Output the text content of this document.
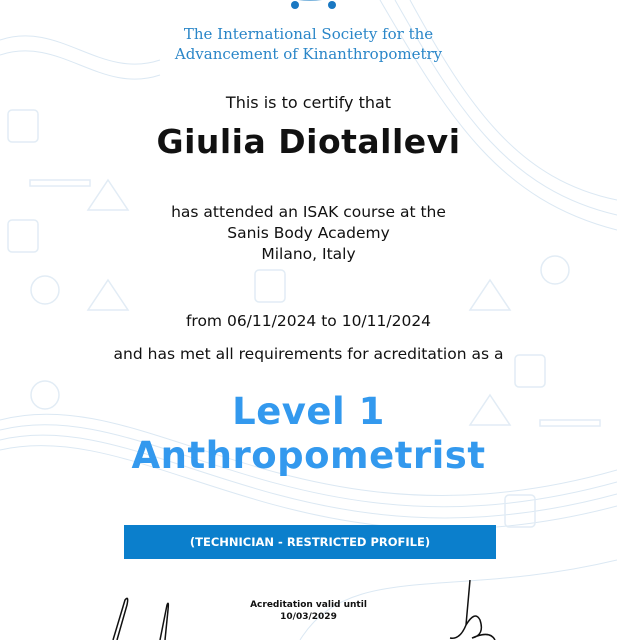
The International Society for the
Advancement of Kinanthropometry
This is to certify that
Giulia Diotallevi
has attended an ISAK course at the
Sanis Body Academy
Milano, Italy
from 06/11/2024 to 10/11/2024
and has met all requirements for acreditation as a
Level 1
Anthropometrist
(TECHNICIAN - RESTRICTED PROFILE)
Acreditation valid until
10/03/2029
